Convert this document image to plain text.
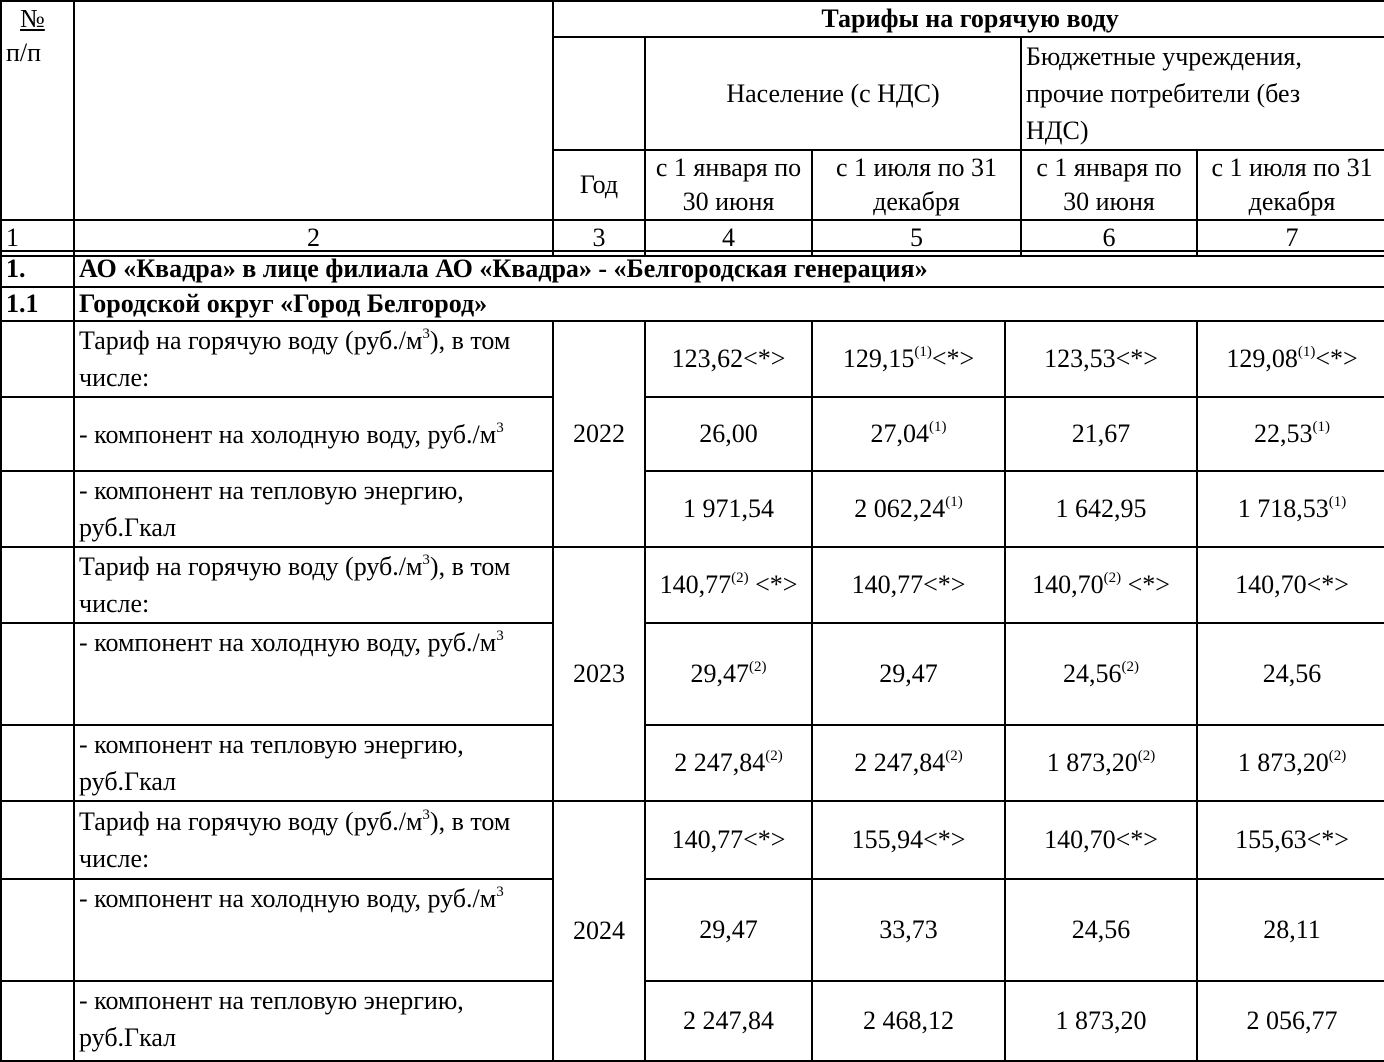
№
п/п		Тарифы на горячую воду				
			Население (с НДС)		Бюджетные учреждения, прочие потребители (без НДС)	
		Год	с 1 января по 30 июня	с 1 июля по 31 декабря	с 1 января по 30 июня	с 1 июля по 31 декабря
1	2	3	4	5	6	7
1.	АО «Квадра» в лице филиала АО «Квадра» - «Белгородская генерация»					
1.1	Городской округ «Город Белгород»					
	Тариф на горячую воду $(руб./м^3)$, в том числе:	2022	123,62<*>	$129,15^{(1)}<*>$	123,53<*>	$129,08^{(1)}<*>$
	- компонент на холодную воду, $руб./м^3$		26,00	27,04$^{(1)}$	21,67	22,53$^{(1)}$
	- компонент на тепловую энергию, руб.Гкал		1 971,54	2 062,24$^{(1)}$	1 642,95	1 718,53$^{(1)}$
	Тариф на горячую воду $(руб./м^3)$, в том числе:	2023	$140,77^{(2)}$ <*>	140,77<*>	$140,70^{(2)}$ <*>	140,70<*>
	- компонент на холодную воду, $руб./м^3$		29,47$^{(2)}$	29,47	24,56$^{(2)}$	24,56
	- компонент на тепловую энергию, руб.Гкал		2 247,84$^{(2)}$	2 247,84$^{(2)}$	1 873,20$^{(2)}$	1 873,20$^{(2)}$
	Тариф на горячую воду $(руб./м^3)$, в том числе:	2024	140,77<*>	155,94<*>	140,70<*>	155,63<*>
	- компонент на холодную воду, $руб./м^3$		29,47	33,73	24,56	28,11
	- компонент на тепловую энергию, руб.Гкал		2 247,84	2 468,12	1 873,20	2 056,77
